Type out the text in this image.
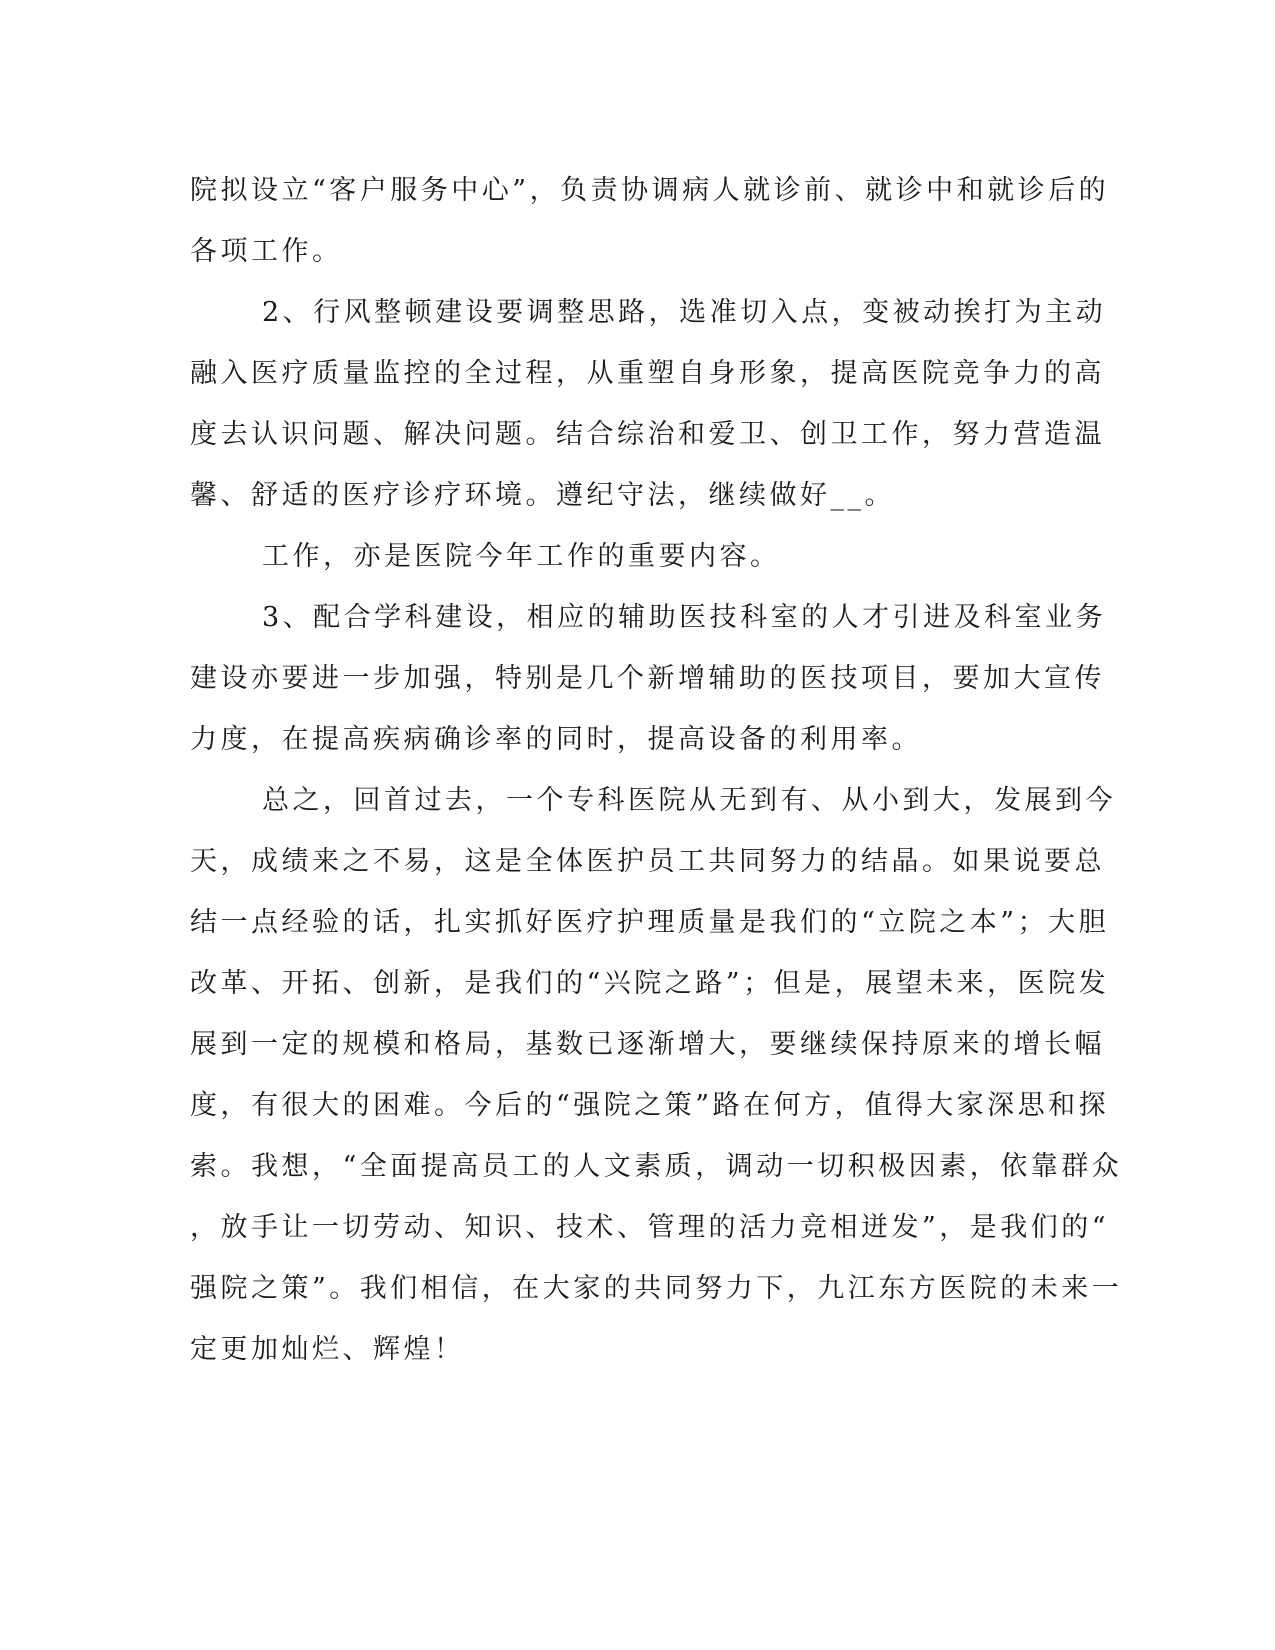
院拟设立“客户服务中心”，负责协调病人就诊前、就诊中和就诊后的
各项工作。
2、行风整顿建设要调整思路，选准切入点，变被动挨打为主动
融入医疗质量监控的全过程，从重塑自身形象，提高医院竞争力的高
度去认识问题、解决问题。结合综治和爱卫、创卫工作，努力营造温
馨、舒适的医疗诊疗环境。遵纪守法，继续做好__。
工作，亦是医院今年工作的重要内容。
3、配合学科建设，相应的辅助医技科室的人才引进及科室业务
建设亦要进一步加强，特别是几个新增辅助的医技项目，要加大宣传
力度，在提高疾病确诊率的同时，提高设备的利用率。
总之，回首过去，一个专科医院从无到有、从小到大，发展到今
天，成绩来之不易，这是全体医护员工共同努力的结晶。如果说要总
结一点经验的话，扎实抓好医疗护理质量是我们的“立院之本”；大胆
改革、开拓、创新，是我们的“兴院之路”；但是，展望未来，医院发
展到一定的规模和格局，基数已逐渐增大，要继续保持原来的增长幅
度，有很大的困难。今后的“强院之策”路在何方，值得大家深思和探
索。我想，“全面提高员工的人文素质，调动一切积极因素，依靠群众
，放手让一切劳动、知识、技术、管理的活力竞相迸发”，是我们的“
强院之策”。我们相信，在大家的共同努力下，九江东方医院的未来一
定更加灿烂、辉煌！
